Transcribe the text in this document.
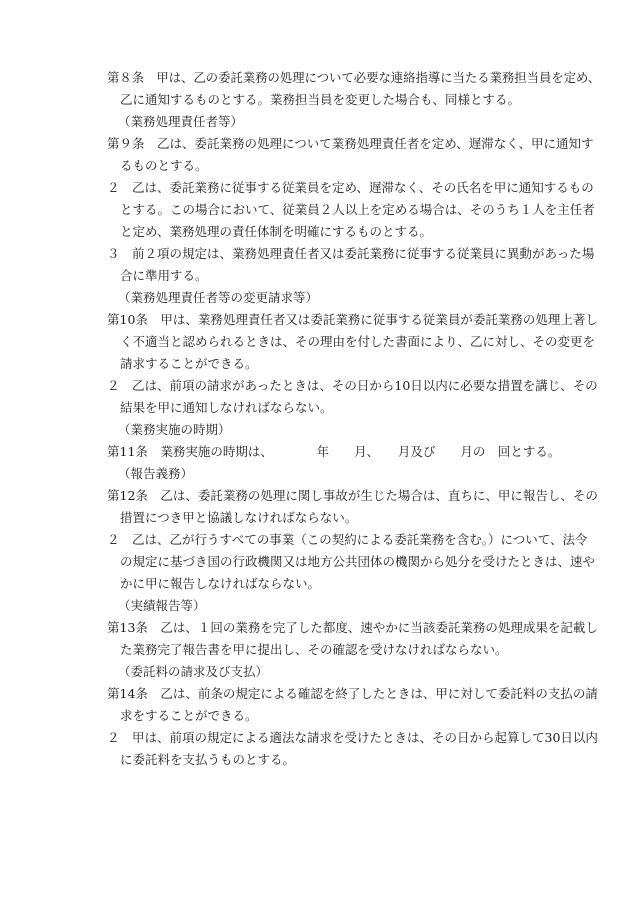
第８条　甲は、乙の委託業務の処理について必要な連絡指導に当たる業務担当員を定め、
乙に通知するものとする。業務担当員を変更した場合も、同様とする。
（業務処理責任者等）
第９条　乙は、委託業務の処理について業務処理責任者を定め、遅滞なく、甲に通知す
るものとする。
２　乙は、委託業務に従事する従業員を定め、遅滞なく、その氏名を甲に通知するもの
とする。この場合において、従業員２人以上を定める場合は、そのうち１人を主任者
と定め、業務処理の責任体制を明確にするものとする。
３　前２項の規定は、業務処理責任者又は委託業務に従事する従業員に異動があった場
合に準用する。
（業務処理責任者等の変更請求等）
第10条　甲は、業務処理責任者又は委託業務に従事する従業員が委託業務の処理上著し
く不適当と認められるときは、その理由を付した書面により、乙に対し、その変更を
請求することができる。
２　乙は、前項の請求があったときは、その日から10日以内に必要な措置を講じ、その
結果を甲に通知しなければならない。
（業務実施の時期）
第11条　業務実施の時期は、　　　　年　　月、　　月及び　　月の　回とする。
（報告義務）
第12条　乙は、委託業務の処理に関し事故が生じた場合は、直ちに、甲に報告し、その
措置につき甲と協議しなければならない。
２　乙は、乙が行うすべての事業（この契約による委託業務を含む。）について、法令
の規定に基づき国の行政機関又は地方公共団体の機関から処分を受けたときは、速や
かに甲に報告しなければならない。
（実績報告等）
第13条　乙は、１回の業務を完了した都度、速やかに当該委託業務の処理成果を記載し
た業務完了報告書を甲に提出し、その確認を受けなければならない。
（委託料の請求及び支払）
第14条　乙は、前条の規定による確認を終了したときは、甲に対して委託料の支払の請
求をすることができる。
２　甲は、前項の規定による適法な請求を受けたときは、その日から起算して30日以内
に委託料を支払うものとする。
